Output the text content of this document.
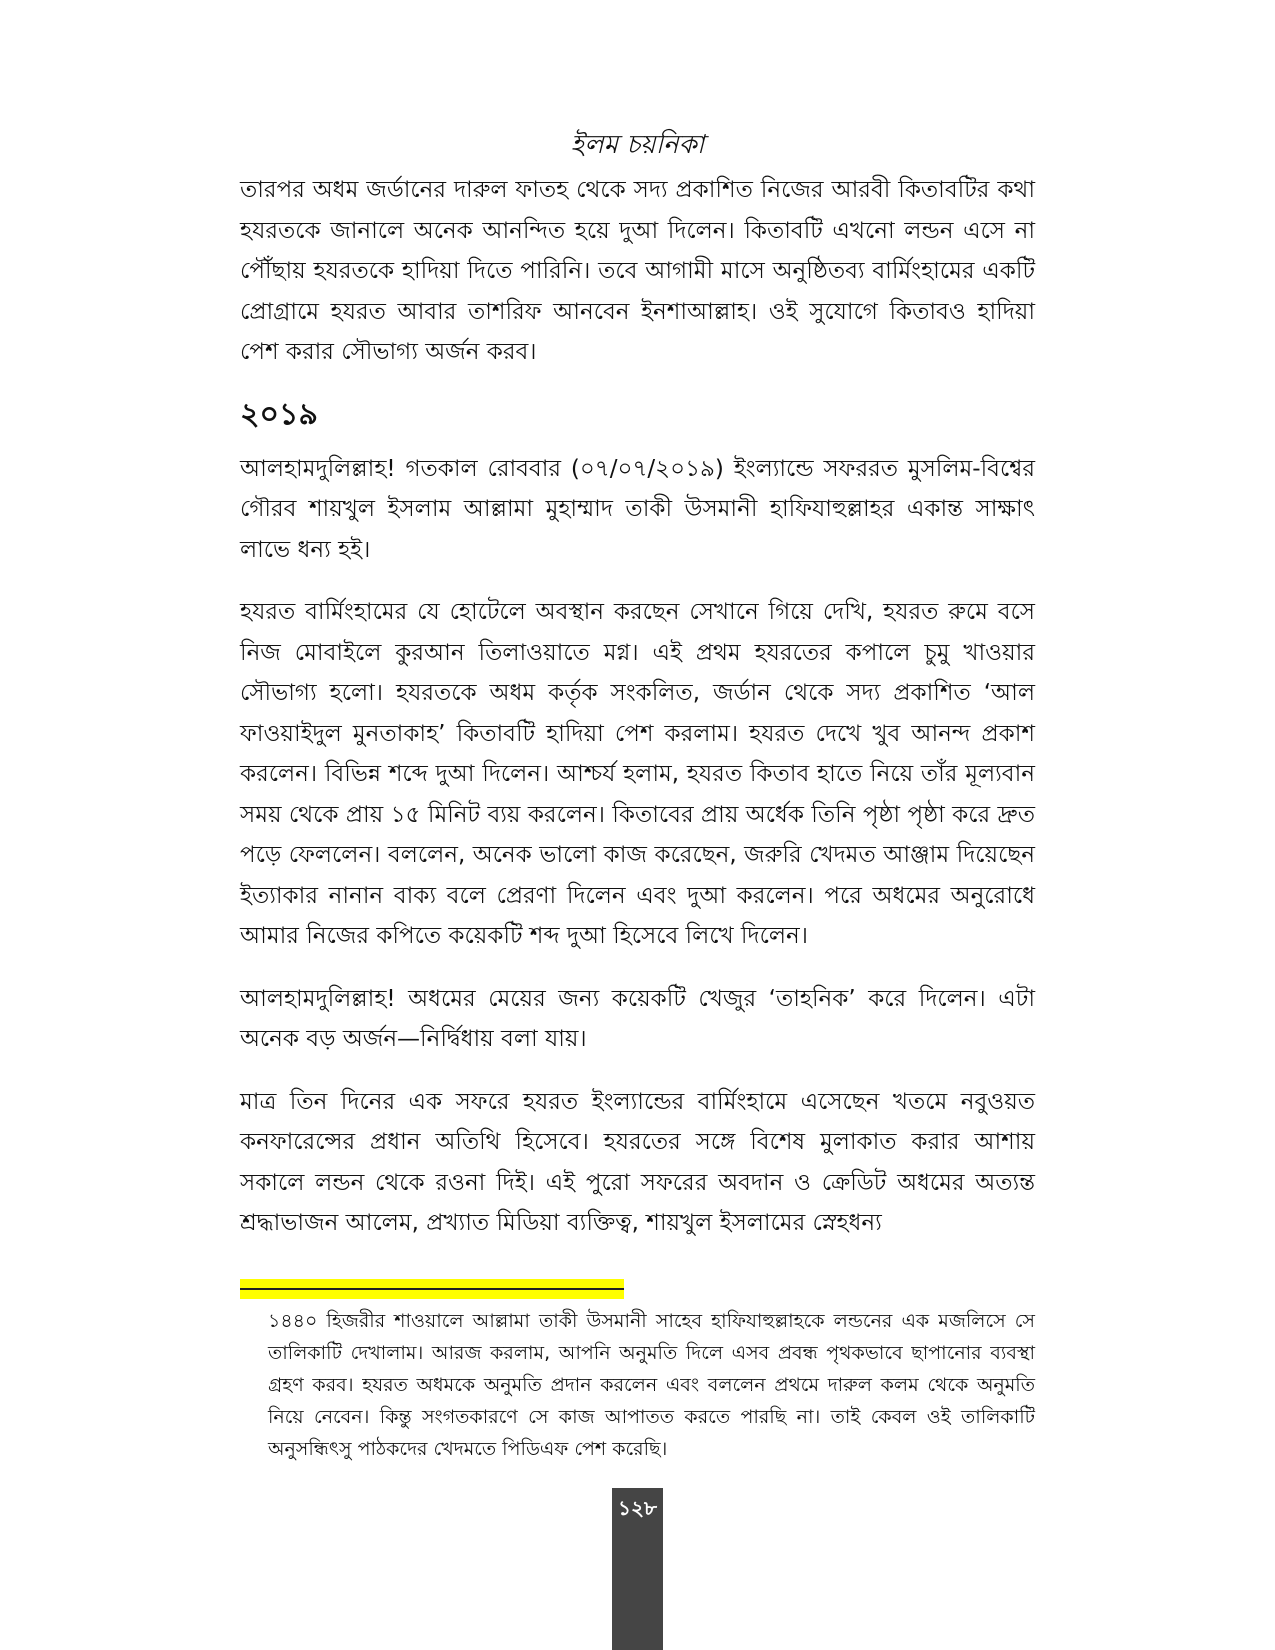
ইলম চয়নিকা

তারপর অধম জর্ডানের দারুল ফাতহ থেকে সদ্য প্রকাশিত নিজের আরবী কিতাবটির কথা হযরতকে জানালে অনেক আনন্দিত হয়ে দুআ দিলেন। কিতাবটি এখনো লন্ডন এসে না পৌঁছায় হযরতকে হাদিয়া দিতে পারিনি। তবে আগামী মাসে অনুষ্ঠিতব্য বার্মিংহামের একটি প্রোগ্রামে হযরত আবার তাশরিফ আনবেন ইনশাআল্লাহ। ওই সুযোগে কিতাবও হাদিয়া পেশ করার সৌভাগ্য অর্জন করব।

২০১৯

আলহামদুলিল্লাহ! গতকাল রোববার (০৭/০৭/২০১৯) ইংল্যান্ডে সফররত মুসলিম-বিশ্বের গৌরব শায়খুল ইসলাম আল্লামা মুহাম্মাদ তাকী উসমানী হাফিযাহুল্লাহর একান্ত সাক্ষাৎ লাভে ধন্য হই।

হযরত বার্মিংহামের যে হোটেলে অবস্থান করছেন সেখানে গিয়ে দেখি, হযরত রুমে বসে নিজ মোবাইলে কুরআন তিলাওয়াতে মগ্ন। এই প্রথম হযরতের কপালে চুমু খাওয়ার সৌভাগ্য হলো। হযরতকে অধম কর্তৃক সংকলিত, জর্ডান থেকে সদ্য প্রকাশিত ‘আল ফাওয়াইদুল মুনতাকাহ’ কিতাবটি হাদিয়া পেশ করলাম। হযরত দেখে খুব আনন্দ প্রকাশ করলেন। বিভিন্ন শব্দে দুআ দিলেন। আশ্চর্য হলাম, হযরত কিতাব হাতে নিয়ে তাঁর মূল্যবান সময় থেকে প্রায় ১৫ মিনিট ব্যয় করলেন। কিতাবের প্রায় অর্ধেক তিনি পৃষ্ঠা পৃষ্ঠা করে দ্রুত পড়ে ফেললেন। বললেন, অনেক ভালো কাজ করেছেন, জরুরি খেদমত আঞ্জাম দিয়েছেন ইত্যাকার নানান বাক্য বলে প্রেরণা দিলেন এবং দুআ করলেন। পরে অধমের অনুরোধে আমার নিজের কপিতে কয়েকটি শব্দ দুআ হিসেবে লিখে দিলেন।

আলহামদুলিল্লাহ! অধমের মেয়ের জন্য কয়েকটি খেজুর ‘তাহনিক’ করে দিলেন। এটা অনেক বড় অর্জন—নির্দ্বিধায় বলা যায়।

মাত্র তিন দিনের এক সফরে হযরত ইংল্যান্ডের বার্মিংহামে এসেছেন খতমে নবুওয়ত কনফারেন্সের প্রধান অতিথি হিসেবে। হযরতের সঙ্গে বিশেষ মুলাকাত করার আশায় সকালে লন্ডন থেকে রওনা দিই। এই পুরো সফরের অবদান ও ক্রেডিট অধমের অত্যন্ত শ্রদ্ধাভাজন আলেম, প্রখ্যাত মিডিয়া ব্যক্তিত্ব, শায়খুল ইসলামের স্নেহধন্য

১৪৪০ হিজরীর শাওয়ালে আল্লামা তাকী উসমানী সাহেব হাফিযাহুল্লাহকে লন্ডনের এক মজলিসে সে তালিকাটি দেখালাম। আরজ করলাম, আপনি অনুমতি দিলে এসব প্রবন্ধ পৃথকভাবে ছাপানোর ব্যবস্থা গ্রহণ করব। হযরত অধমকে অনুমতি প্রদান করলেন এবং বললেন প্রথমে দারুল কলম থেকে অনুমতি নিয়ে নেবেন। কিন্তু সংগতকারণে সে কাজ আপাতত করতে পারছি না। তাই কেবল ওই তালিকাটি অনুসন্ধিৎসু পাঠকদের খেদমতে পিডিএফ পেশ করেছি।
১২৮
